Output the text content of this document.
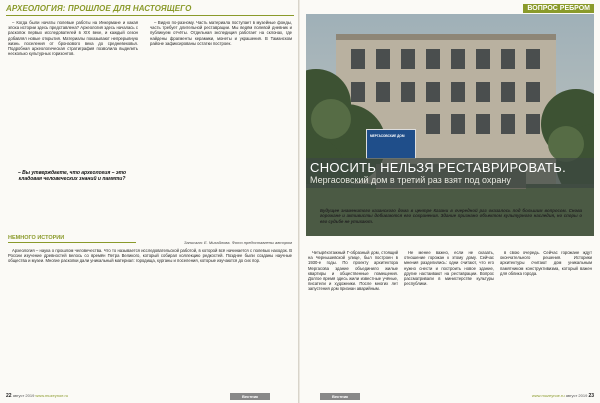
АРХЕОЛОГИЯ: ПРОШЛОЕ ДЛЯ НАСТОЯЩЕГО

– Когда были начаты полевые работы на Инкермане и какая эпоха истории здесь представлена? Археология здесь началась с раскопок первых исследователей в XIX веке, и каждый сезон добавлял новые открытия. Материалы показывают непрерывную жизнь поселения от бронзового века до средневековья. Подробная археологическая стратиграфия позволила выделить несколько культурных горизонтов.

– Видно по-разному. Часть материала поступает в музейные фонды, часть требует длительной реставрации. Мы ведём полевой дневник и публикуем отчёты. Отдельная экспедиция работает на склонах, где найдены фрагменты керамики, монеты и украшения. В Таманском районе зафиксированы остатки построек.

– Вы утверждаете, что археология – это кладовая человеческих знаний и памяти?
НЕМНОГО ИСТОРИИ
Записала: Е. Михайлова. Фото предоставлены автором

Археология – наука о прошлом человечества. Что то называется исследовательской работой, в которой всё начинается с полевых находок. В России изучение древностей велось со времён Петра Великого, который собирал коллекцию редкостей. Позднее были созданы научные общества и музеи. Многие раскопки дали уникальный материал: городища, курганы и поселения, которые изучаются до сих пор.

22 август 2019 www.muzeynoe.ru	Вестник
ВОПРОС РЕБРОМ
МЕРГАСОВСКИЕ ДОМ
СНОСИТЬ НЕЛЬЗЯ РЕСТАВРИРОВАТЬ.
Мергасовский дом в третий раз взят под охрану
Будущее знаменитого казанского дома в центре Казани в очередной раз оказалось под большим вопросом. Снова горожане и активисты добиваются его сохранения. Здание признано объектом культурного наследия, но споры о его судьбе не утихают.

Четырёхэтажный Г-образный дом, стоящий на Чернышевской улице, был построен в 1930-е годы. По проекту архитектора Мергасова здание объединило жилые квартиры и общественные помещения. Долгое время здесь жили известные учёные, писатели и художники. После многих лет запустения дом признан аварийным.

Не менее важно, если не сказать, отношение горожан к этому дому. Сейчас мнения разделились: одни считают, что его нужно снести и построить новое здание, другие настаивают на реставрации. Вопрос рассматривали в министерстве культуры республики.

в свою очередь. Сейчас горожане ждут окончательного решения. Историки архитектуры считают дом уникальным памятником конструктивизма, который важен для облика города.

Вестник	www.muzeynoe.ru август 2019 23
